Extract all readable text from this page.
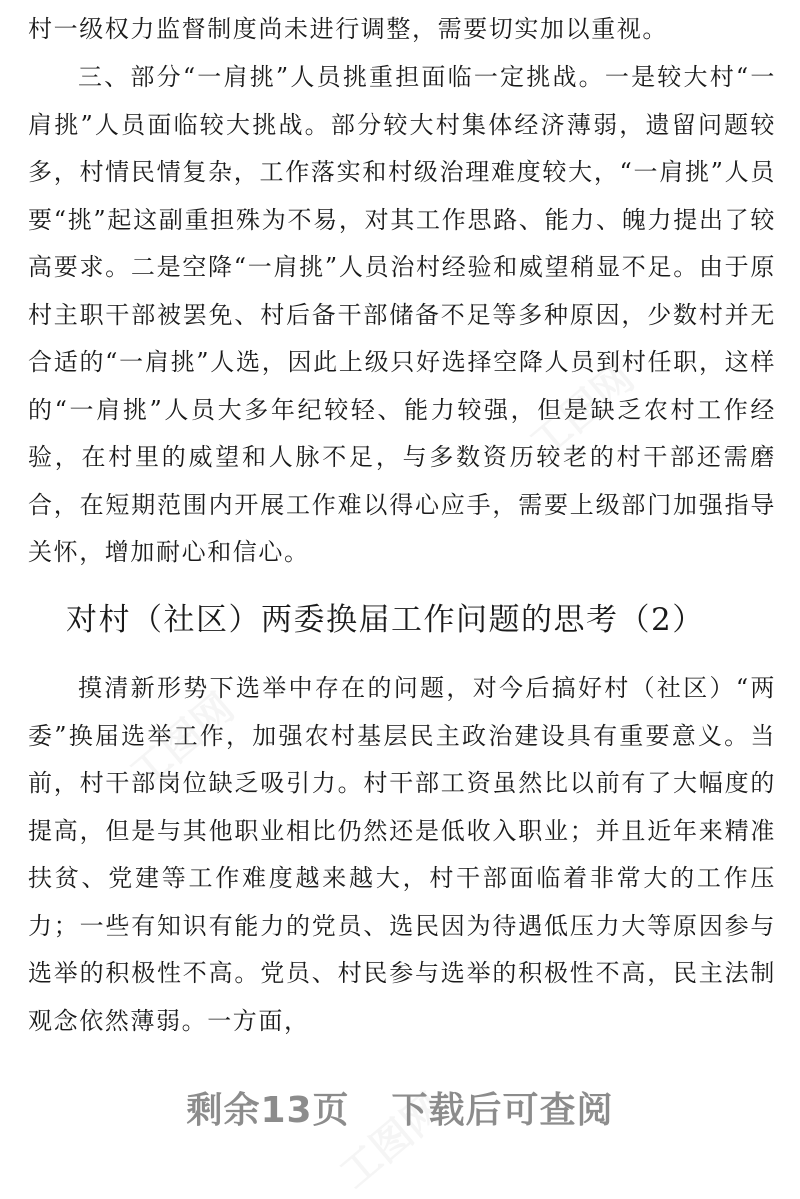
工图网
工图网
工图网

村一级权力监督制度尚未进行调整，需要切实加以重视。

三、部分“一肩挑”人员挑重担面临一定挑战。一是较大村“一肩挑”人员面临较大挑战。部分较大村集体经济薄弱，遗留问题较多，村情民情复杂，工作落实和村级治理难度较大，“一肩挑”人员要“挑”起这副重担殊为不易，对其工作思路、能力、魄力提出了较高要求。二是空降“一肩挑”人员治村经验和威望稍显不足。由于原村主职干部被罢免、村后备干部储备不足等多种原因，少数村并无合适的“一肩挑”人选，因此上级只好选择空降人员到村任职，这样的“一肩挑”人员大多年纪较轻、能力较强，但是缺乏农村工作经验，在村里的威望和人脉不足，与多数资历较老的村干部还需磨合，在短期范围内开展工作难以得心应手，需要上级部门加强指导关怀，增加耐心和信心。

对村（社区）两委换届工作问题的思考（2）

摸清新形势下选举中存在的问题，对今后搞好村（社区）“两委”换届选举工作，加强农村基层民主政治建设具有重要意义。当前，村干部岗位缺乏吸引力。村干部工资虽然比以前有了大幅度的提高，但是与其他职业相比仍然还是低收入职业；并且近年来精准扶贫、党建等工作难度越来越大，村干部面临着非常大的工作压力；一些有知识有能力的党员、选民因为待遇低压力大等原因参与选举的积极性不高。党员、村民参与选举的积极性不高，民主法制观念依然薄弱。一方面，

剩余13页 下载后可查阅
